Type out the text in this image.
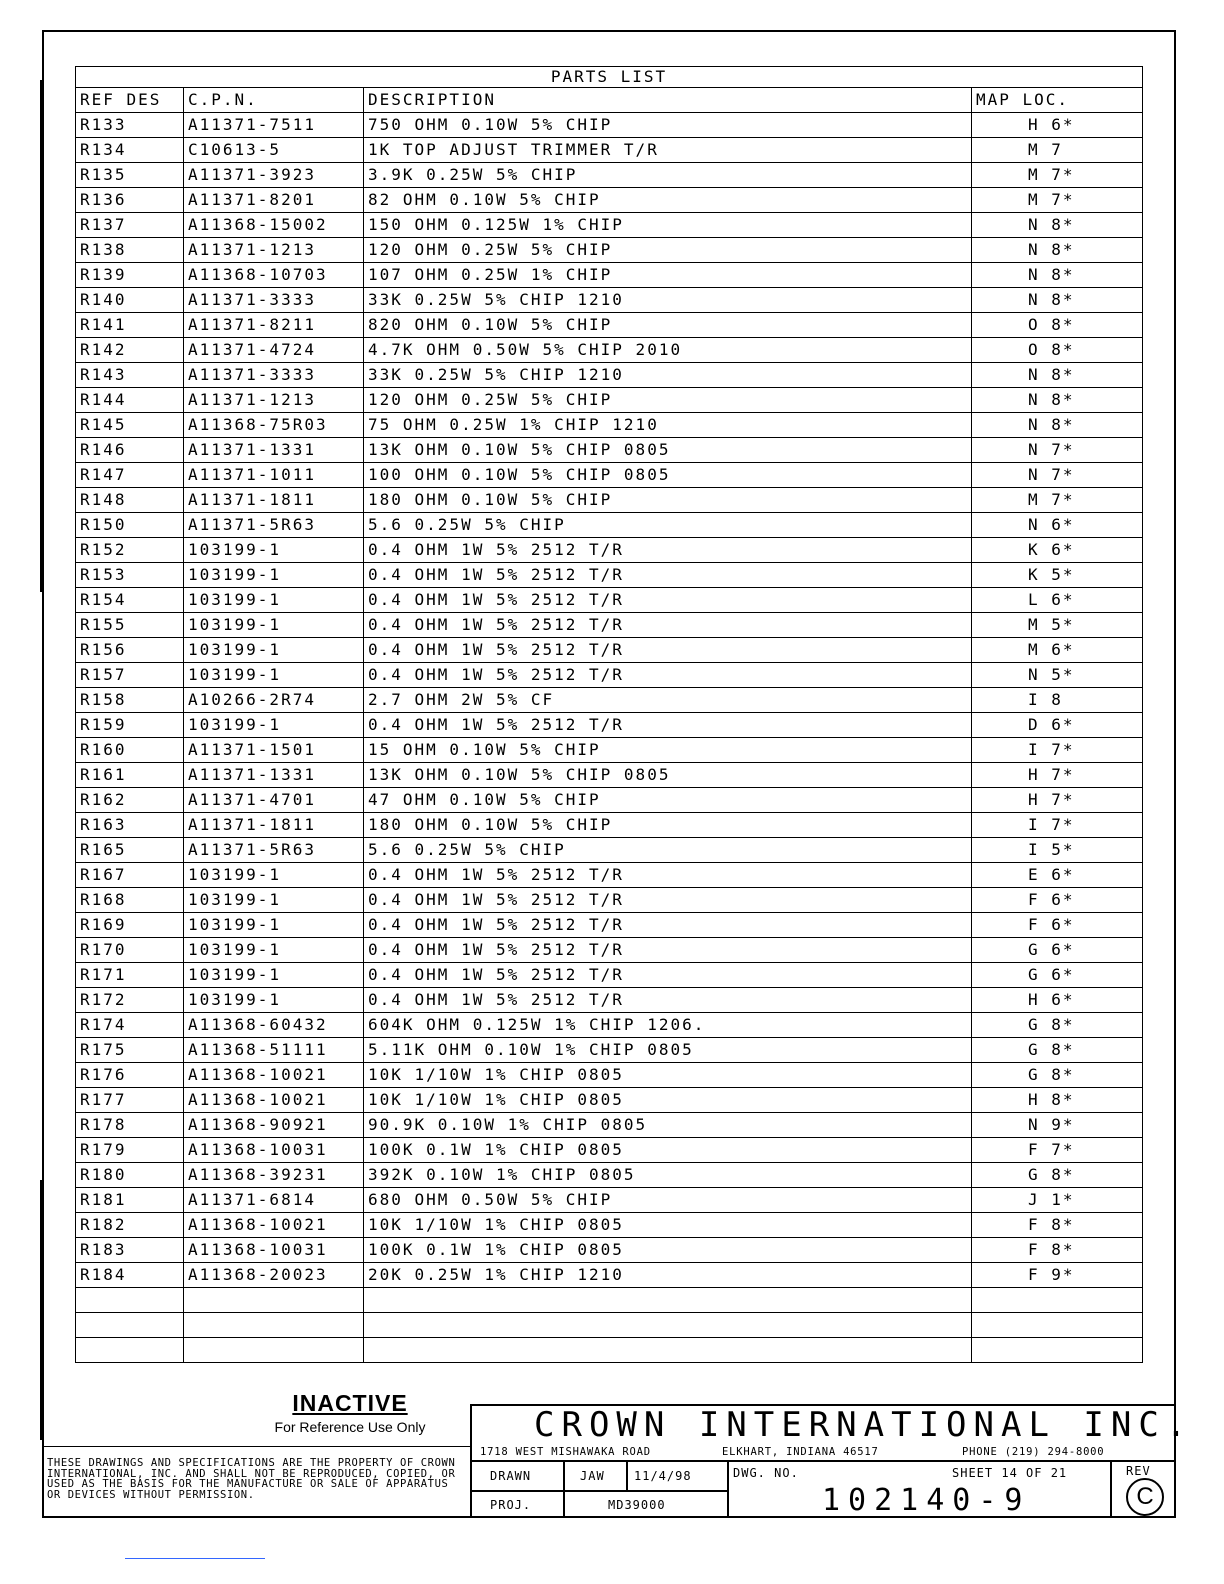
PARTS LIST			
REF DES	C.P.N.	DESCRIPTION	MAP LOC.
R133	A11371-7511	750 OHM 0.10W 5% CHIP	H 6*
R134	C10613-5	1K TOP ADJUST TRIMMER T/R	M 7
R135	A11371-3923	3.9K 0.25W 5% CHIP	M 7*
R136	A11371-8201	82 OHM 0.10W 5% CHIP	M 7*
R137	A11368-15002	150 OHM 0.125W 1% CHIP	N 8*
R138	A11371-1213	120 OHM 0.25W 5% CHIP	N 8*
R139	A11368-10703	107 OHM 0.25W 1% CHIP	N 8*
R140	A11371-3333	33K 0.25W 5% CHIP 1210	N 8*
R141	A11371-8211	820 OHM 0.10W 5% CHIP	O 8*
R142	A11371-4724	4.7K OHM 0.50W 5% CHIP 2010	O 8*
R143	A11371-3333	33K 0.25W 5% CHIP 1210	N 8*
R144	A11371-1213	120 OHM 0.25W 5% CHIP	N 8*
R145	A11368-75R03	75 OHM 0.25W 1% CHIP 1210	N 8*
R146	A11371-1331	13K OHM 0.10W 5% CHIP 0805	N 7*
R147	A11371-1011	100 OHM 0.10W 5% CHIP 0805	N 7*
R148	A11371-1811	180 OHM 0.10W 5% CHIP	M 7*
R150	A11371-5R63	5.6 0.25W 5% CHIP	N 6*
R152	103199-1	0.4 OHM 1W 5% 2512 T/R	K 6*
R153	103199-1	0.4 OHM 1W 5% 2512 T/R	K 5*
R154	103199-1	0.4 OHM 1W 5% 2512 T/R	L 6*
R155	103199-1	0.4 OHM 1W 5% 2512 T/R	M 5*
R156	103199-1	0.4 OHM 1W 5% 2512 T/R	M 6*
R157	103199-1	0.4 OHM 1W 5% 2512 T/R	N 5*
R158	A10266-2R74	2.7 OHM 2W 5% CF	I 8
R159	103199-1	0.4 OHM 1W 5% 2512 T/R	D 6*
R160	A11371-1501	15 OHM 0.10W 5% CHIP	I 7*
R161	A11371-1331	13K OHM 0.10W 5% CHIP 0805	H 7*
R162	A11371-4701	47 OHM 0.10W 5% CHIP	H 7*
R163	A11371-1811	180 OHM 0.10W 5% CHIP	I 7*
R165	A11371-5R63	5.6 0.25W 5% CHIP	I 5*
R167	103199-1	0.4 OHM 1W 5% 2512 T/R	E 6*
R168	103199-1	0.4 OHM 1W 5% 2512 T/R	F 6*
R169	103199-1	0.4 OHM 1W 5% 2512 T/R	F 6*
R170	103199-1	0.4 OHM 1W 5% 2512 T/R	G 6*
R171	103199-1	0.4 OHM 1W 5% 2512 T/R	G 6*
R172	103199-1	0.4 OHM 1W 5% 2512 T/R	H 6*
R174	A11368-60432	604K OHM 0.125W 1% CHIP 1206.	G 8*
R175	A11368-51111	5.11K OHM 0.10W 1% CHIP 0805	G 8*
R176	A11368-10021	10K 1/10W 1% CHIP 0805	G 8*
R177	A11368-10021	10K 1/10W 1% CHIP 0805	H 8*
R178	A11368-90921	90.9K 0.10W 1% CHIP 0805	N 9*
R179	A11368-10031	100K 0.1W 1% CHIP 0805	F 7*
R180	A11368-39231	392K 0.10W 1% CHIP 0805	G 8*
R181	A11371-6814	680 OHM 0.50W 5% CHIP	J 1*
R182	A11368-10021	10K 1/10W 1% CHIP 0805	F 8*
R183	A11368-10031	100K 0.1W 1% CHIP 0805	F 8*
R184	A11368-20023	20K 0.25W 1% CHIP 1210	F 9*

INACTIVE
For Reference Use Only
THESE DRAWINGS AND SPECIFICATIONS ARE THE PROPERTY OF CROWN INTERNATIONAL, INC. AND SHALL NOT BE REPRODUCED, COPIED, OR USED AS THE BASIS FOR THE MANUFACTURE OR SALE OF APPARATUS OR DEVICES WITHOUT PERMISSION.
CROWN INTERNATIONAL INC.
1718 WEST MISHAWAKA ROAD	ELKHART, INDIANA 46517	PHONE (219) 294-8000
DRAWN	JAW 11/4/98	DWG. NO.	SHEET 14 OF 21	REV
PROJ.	MD39000	102140-9	C
